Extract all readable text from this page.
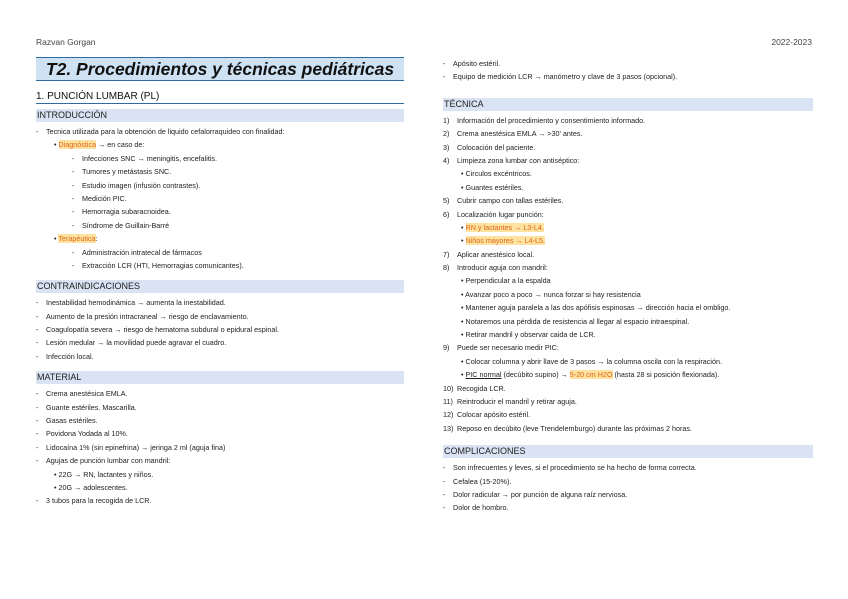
Razvan Gorgan	2022-2023
T2. Procedimientos y técnicas pediátricas
1. PUNCIÓN LUMBAR (PL)
INTRODUCCIÓN
- Tecnica utilizada para la obtención de liquido cefalorraquideo con finalidad:
• Diagnóstica → en caso de:
- Infecciones SNC → meningitis, encefalitis.
- Tumores y metástasis SNC.
- Estudio imagen (infusión contrastes).
- Medición PIC.
- Hemorragia subaracnoidea.
- Síndrome de Guillain-Barré
• Terapéutica:
- Administración intratecal de fármacos
- Extracción LCR (HTI, Hemorragias comunicantes).
CONTRAINDICACIONES
- Inestabilidad hemodinámica → aumenta la inestabilidad.
- Aumento de la presión intracraneal → riesgo de enclavamiento.
- Coagulopatía severa → riesgo de hematoma subdural o epidural espinal.
- Lesión medular → la movilidad puede agravar el cuadro.
- Infección local.
MATERIAL
- Crema anestésica EMLA.
- Guante estériles. Mascarilla.
- Gasas estériles.
- Povidona Yodada al 10%.
- Lidocaína 1% (sin epinefrina) → jeringa 2 ml (aguja fina)
- Agujas de punción lumbar con mandril:
• 22G → RN, lactantes y niños.
• 20G → adolescentes.
- 3 tubos para la recogida de LCR.
- Apósito estéril.
- Equipo de medición LCR → manómetro y clave de 3 pasos (opcional).
TÉCNICA
1) Información del procedimiento y consentimiento informado.
2) Crema anestésica EMLA → >30' antes.
3) Colocación del paciente.
4) Limpieza zona lumbar con antiséptico:
• Circulos excéntricos.
• Guantes estériles.
5) Cubrir campo con tallas estériles.
6) Localización lugar punción:
• RN y lactantes → L3-L4.
• Niños mayores → L4-L5.
7) Aplicar anestésico local.
8) Introducir aguja con mandril:
• Perpendicular a la espalda
• Avanzar poco a poco → nunca forzar si hay resistencia
• Mantener aguja paralela a las dos apófisis espinosas → dirección hacia el ombligo.
• Notaremos una pérdida de resistencia al llegar al espacio intraespinal.
• Retirar mandril y observar caida de LCR.
9) Puede ser necesario medir PIC:
• Colocar columna y abrir llave de 3 pasos → la columna oscila con la respiración.
• PIC normal (decúbito supino) → 5-20 cm H2O (hasta 28 si posición flexionada).
10) Recogida LCR.
11) Reintroducir el mandril y retirar aguja.
12) Colocar apósito estéril.
13) Reposo en decúbito (leve Trendelemburgo) durante las próximas 2 horas.
COMPLICACIONES
- Son infrecuentes y leves, si el procedimiento se ha hecho de forma correcta.
- Cefalea (15-20%).
- Dolor radicular → por punción de alguna raíz nerviosa.
- Dolor de hombro.
